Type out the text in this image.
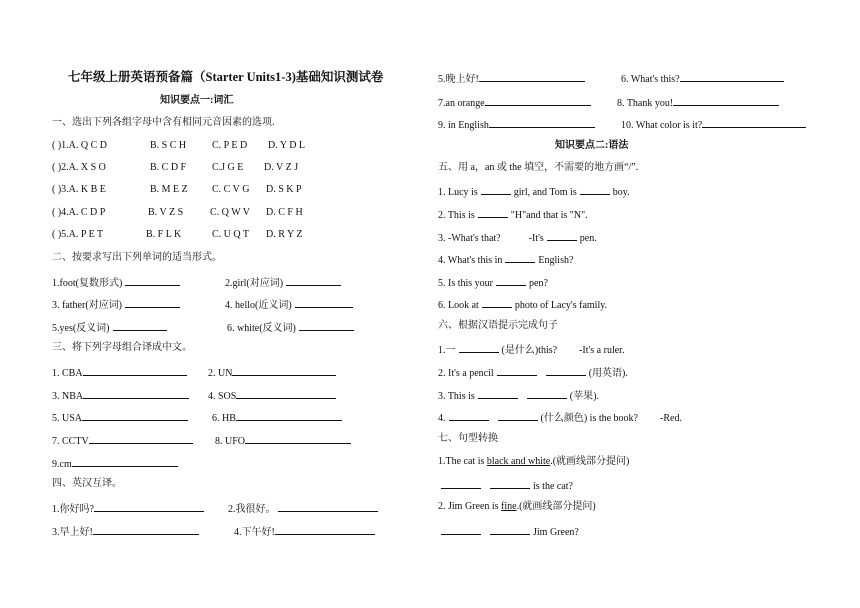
七年级上册英语预备篇（Starter Units1-3)基础知识测试卷
知识要点一:词汇
一、选出下列各组字母中含有相同元音因素的选项.
( )1.A. Q C D	B. S C H	C. P E D D. Y D L
( )2.A. X S O	B. C D F	C.J G E D. V Z J
( )3.A. K B E	B. M E Z C. C V G D. S K P
( )4.A. C D P	B. V Z S	C. Q W V D. C F H
( )5.A. P E T	B. F L K	C. U Q T D. R Y Z
二、按要求写出下列单词的适当形式。
1.foot(复数形式)	2.girl(对应词)
3. father(对应词)	4. hello(近义词)
5.yes(反义词)	6. white(反义词)
三、将下列字母组合译成中文。
1. CBA	2. UN
3. NBA	4. SOS
5. USA	6. HB
7. CCTV	8. UFO
9.cm
四、英汉互译。
1.你好吗?	2.我很好。
3.早上好!	4.下午好!
5.晚上好!	6. What's this?
7.an orange	8. Thank you!
9. in English	10. What color is it?
知识要点二:语法
五、用 a，an 或 the 填空，不需要的地方画“/”.
1. Lucy is	girl, and Tom is	boy.
2. This is	"H"and that is "N".
3. -What's that?	-It's	pen.
4. What's this in	English?
5. Is this your	pen?
6. Look at	photo of Lacy's family.
六、根据汉语提示完成句子
1.一	(是什么)this? -It's a ruler.
2. It's a pencil	(用英语).
3. This is	(苹果).
4.	(什么颜色) is the book? -Red.
七、句型转换
1.The cat is black and white.(就画线部分提问)
is the cat?
2. Jim Green is fine.(就画线部分提问)
Jim Green?
